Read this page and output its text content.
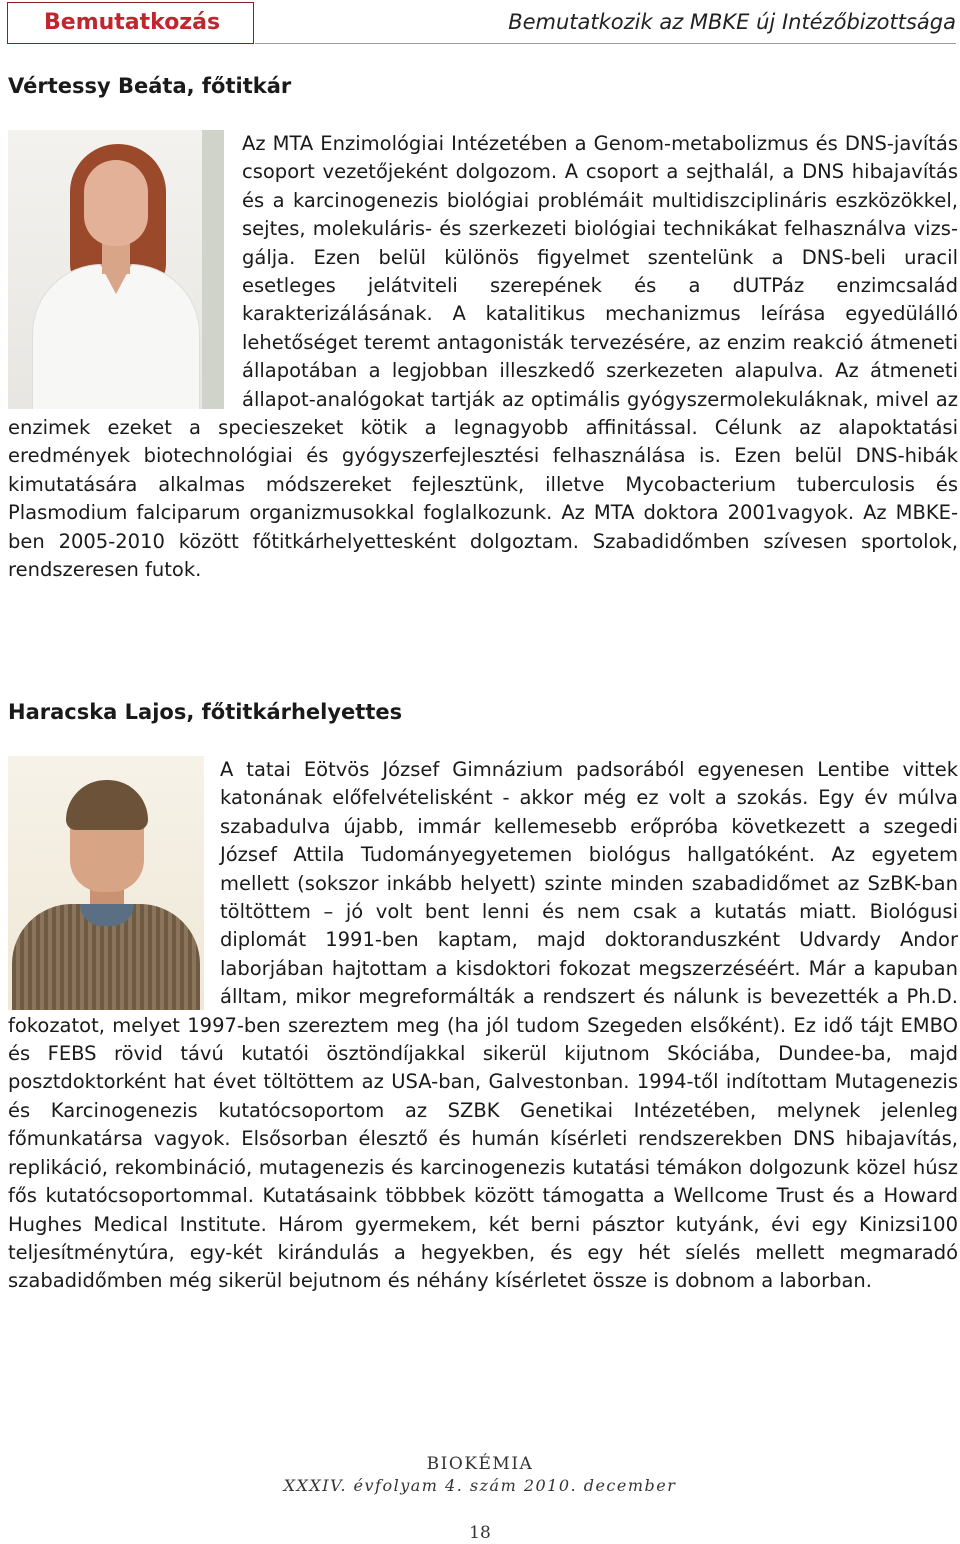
Bemutatkozás	Bemutatkozik az MBKE új Intézőbizottsága
Vértessy Beáta, főtitkár

Az MTA Enzimológiai Intézetében a Genom-metabolizmus és DNS-javítás csoport vezetőjeként dolgozom. A csoport a sejthalál, a DNS hibajavítás és a karcinogenezis biológiai problémáit multidiszciplináris eszközökkel, sejtes, molekuláris- és szerkezeti biológiai technikákat felhasználva vizsgálja. Ezen belül különös figyelmet szentelünk a DNS-beli uracil esetleges jelátviteli szerepének és a dUTPáz enzimcsalád karakterizálásának. A katalitikus mechanizmus leírása egyedülálló lehetőséget teremt antagonisták tervezésére, az enzim reakció átmeneti állapotában a legjobban illeszkedő szerkezeten alapulva. Az átmeneti állapot-analógokat tartják az optimális gyógyszermolekuláknak, mivel az enzimek ezeket a specieszeket kötik a legnagyobb affinitással. Célunk az alapoktatási eredmények biotechnológiai és gyógyszerfejlesztési felhasználása is. Ezen belül DNS-hibák kimutatására alkalmas módszereket fejlesztünk, illetve Mycobacterium tuberculosis és Plasmodium falciparum organizmusokkal foglalkozunk. Az MTA doktora 2001vagyok. Az MBKE-ben 2005-2010 között főtitkárhelyettesként dolgoztam. Szabadidőmben szívesen sportolok, rendszeresen futok.

Haracska Lajos, főtitkárhelyettes

A tatai Eötvös József Gimnázium padsorából egyenesen Lentibe vittek katonának előfelvételisként - akkor még ez volt a szokás. Egy év múlva szabadulva újabb, immár kellemesebb erőpróba következett a szegedi József Attila Tudományegyetemen biológus hallgatóként. Az egyetem mellett (sokszor inkább helyett) szinte minden szabadidőmet az SzBK-ban töltöttem – jó volt bent lenni és nem csak a kutatás miatt. Biológusi diplomát 1991-ben kaptam, majd doktoranduszként Udvardy Andor laborjában hajtottam a kisdoktori fokozat megszerzéséért. Már a kapuban álltam, mikor megreformálták a rendszert és nálunk is bevezették a Ph.D. fokozatot, melyet 1997-ben szereztem meg (ha jól tudom Szegeden elsőként). Ez idő tájt EMBO és FEBS rövid távú kutatói ösztöndíjakkal sikerül kijutnom Skóciába, Dundee-ba, majd posztdoktorként hat évet töltöttem az USA-ban, Galvestonban. 1994-től indítottam Mutagenezis és Karcinogenezis kutatócsoportom az SZBK Genetikai Intézetében, melynek jelenleg főmunkatársa vagyok. Elsősorban élesztő és humán kísérleti rendszerekben DNS hibajavítás, replikáció, rekombináció, mutagenezis és karcinogenezis kutatási témákon dolgozunk közel húsz fős kutatócsoportommal. Kutatásaink többbek között támogatta a Wellcome Trust és a Howard Hughes Medical Institute. Három gyermekem, két berni pásztor kutyánk, évi egy Kinizsi100 teljesítménytúra, egy-két kirándulás a hegyekben, és egy hét síelés mellett megmaradó szabadidőmben még sikerül bejutnom és néhány kísérletet össze is dobnom a laborban.

BIOKÉMIA
XXXIV. évfolyam 4. szám 2010. december
18
